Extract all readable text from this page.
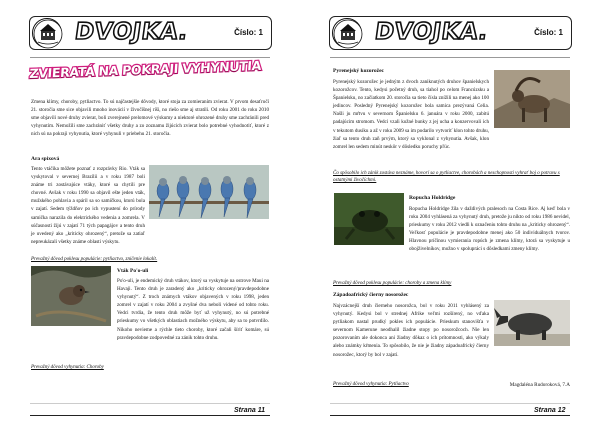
DVOJKA.	Číslo: 1
ZVIERATÁ NA POKRAJI VYHYNUTIA
Zmena klímy, choroby, pytliactvo. To sú najčastejšie dôvody, ktoré stoja za zomieraním zvierat. V prvom desaťročí 21. storočia sme sice objavili mnoho inovácií v živočíšnej ríši, no riešo sme aj stratili. Od roku 2001 do roku 2010 sme objavili nové druhy zvierat, boli zverejnené prelomové výskumy a niektoré ohrozené druhy sme zachránili pred vyhynutím. Nemožili sme zachrániť všetky druhy a zo zoznamu žijúcich zvierat bolo potrebné vyhodnotiť, ktoré z nich sú na pokraji vyhynutia, ktoré vyhynuli v priebehu 21. storočia.
Ara spixová
Tento vtáčika môžete poznať z rozprávky Rio. Vták sa vyskytoval v severnej Brazílii a v roku 1987 boli známe tri zostávajúce vtáky, ktoré sa chytili pre chovné. Avšak v roku 1990 sa objavil ešte jeden vták, mužského pohlavia a spáril sa so samičkou, ktorú bola v zajatí. Sedem týždňov po ich vypustení do prírody samička narazila do elektrického vedenia a zomrela. V súčasnosti žijú v zajatí 71 tých papagájov a tento druh je uvedený ako „kriticky ohrozený“, pretože sa zatiaľ nepreukázali všetky známe oblasti výskytu.
Prevažný dôvod poklesu populácie: pytliactvo, zničenie lokalít.
Vták Po'o-uli
Po'o-uli, je endemický druh vtákov, ktorý sa vyskytuje na ostrove Maui na Havaji. Tento druh je zaradený ako „kriticky ohrozený/pravdepodobne vyhynutý“. Z troch známych vtákov objavených v roku 1998, jeden zomrel v zajatí v roku 2004 a zvyšné dva neboli videné od tohto roku. Vedci tvrdia, že tento druh môže byť už vyhynutý, no sú potrebné prieskumy vo všetkých oblastiach možného výskytu, aby sa to potvrdilo. Nikoho nevieme a rýchle tieto choroby, ktoré začali šíriť komáre, sú pravdepodobne zodpovedné za zánik tohto druhu.
Prevažný dôvod vyhynutia: Choroby
Strana 11
DVOJKA.	Číslo: 1
Pyrenejský kozorožec
Pyrenejský kozorožec je jedným z dvoch zaniknutých druhov španielskych kozorožcov. Tento, kedysi početný druh, sa tiahol po celom Francúzsku a Španielsku, no začiatkom 20. storočia sa tieto čísla znížili na menej ako 100 jedincov. Posledný Pyrenejský kozorožec bola samica prezývaná Celia. Našli ju mŕtvu v severnom Španielsku 6. januára v roku 2000, zabitú padajúcim stromom. Vedci vzali kožné bunky z jej ucha a konzervovali ich v tekutom dusíku a až v roku 2009 sa im podarilo vytvoriť klon tohto druhu, žiaľ sa tento druh zaň prvým, ktorý sa vyklonal z vyhynutia. Avšak, klon zomrel len sedem minút neskôr v dôsledku poruchy pľúc.
Čo spôsobilo ich zánik zostáva neznáme, hovorí sa o pytliactve, chorobách a neschopnosti vyhrať boj o potravu s ostatnými živočíchmi.
Ropucha Holdridge
Ropucha Holdridge žila v daždivých pralesoch na Costa Rice. Aj keď bola v roku 2004 vyhlásená za vyhynutý druh, pretože ju nikto od roku 1986 nevidel, prieskumy v roku 2012 viedli k označeniu tohto druhu na „kriticky ohrozený“. Veľkosť populácie je pravdepodobne menej ako 50 individuálnych tvorov. Hlavnou príčinou vymierania ropúch je zmena klímy, ktorá sa vyskytuje u obojživelníkov, možno v spolupráci s dôsledkami zmeny klímy.
Prevažný dôvod poklesu populácie: choroby a zmena klímy
Západoafrický čierny nosorožec
Najvzácnejší druh čierneho nosorožca, bol v roku 2011 vyhlásený za vyhynutý. Kedysi bol v strednej Afrike veľmi rozšírený, no vďaka pytliakom nastal prudký pokles ich populácie. Prieskum stanovišťa v severnom Kamerune neodhalil žiadne stopy po nosorožcoch. Nie len pozorovaním ale dokonca ani žiadny dôkaz o ich prítomnosti, ako výkaly alebo známky kŕmenia. To spôsobilo, že nie je žiadny západoafrický čierny nosorožec, ktorý by bol v zajatí.
Prevažný dôvod vyhynutia: Pytliactvo	Magdaléna Rudoroková, 7.A
Strana 12
